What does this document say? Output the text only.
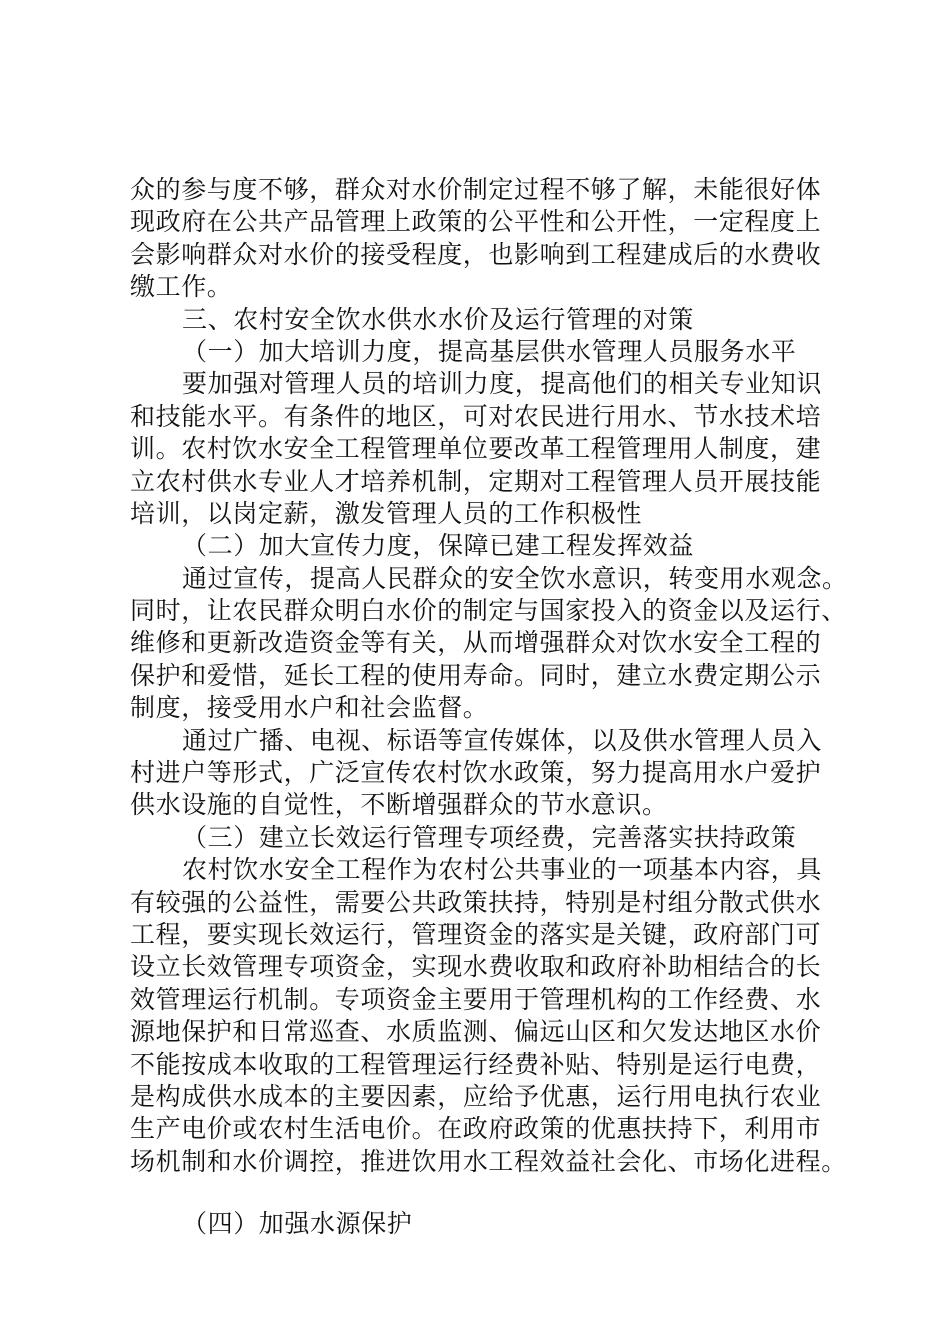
众的参与度不够，群众对水价制定过程不够了解，未能很好体
现政府在公共产品管理上政策的公平性和公开性，一定程度上
会影响群众对水价的接受程度，也影响到工程建成后的水费收
缴工作。
三、农村安全饮水供水水价及运行管理的对策
（一）加大培训力度，提高基层供水管理人员服务水平
要加强对管理人员的培训力度，提高他们的相关专业知识
和技能水平。有条件的地区，可对农民进行用水、节水技术培
训。农村饮水安全工程管理单位要改革工程管理用人制度，建
立农村供水专业人才培养机制，定期对工程管理人员开展技能
培训，以岗定薪，激发管理人员的工作积极性
（二）加大宣传力度，保障已建工程发挥效益
通过宣传，提高人民群众的安全饮水意识，转变用水观念。
同时，让农民群众明白水价的制定与国家投入的资金以及运行、
维修和更新改造资金等有关，从而增强群众对饮水安全工程的
保护和爱惜，延长工程的使用寿命。同时，建立水费定期公示
制度，接受用水户和社会监督。
通过广播、电视、标语等宣传媒体，以及供水管理人员入
村进户等形式，广泛宣传农村饮水政策，努力提高用水户爱护
供水设施的自觉性，不断增强群众的节水意识。
（三）建立长效运行管理专项经费，完善落实扶持政策
农村饮水安全工程作为农村公共事业的一项基本内容，具
有较强的公益性，需要公共政策扶持，特别是村组分散式供水
工程，要实现长效运行，管理资金的落实是关键，政府部门可
设立长效管理专项资金，实现水费收取和政府补助相结合的长
效管理运行机制。专项资金主要用于管理机构的工作经费、水
源地保护和日常巡查、水质监测、偏远山区和欠发达地区水价
不能按成本收取的工程管理运行经费补贴、特别是运行电费，
是构成供水成本的主要因素，应给予优惠，运行用电执行农业
生产电价或农村生活电价。在政府政策的优惠扶持下，利用市
场机制和水价调控，推进饮用水工程效益社会化、市场化进程。
（四）加强水源保护
